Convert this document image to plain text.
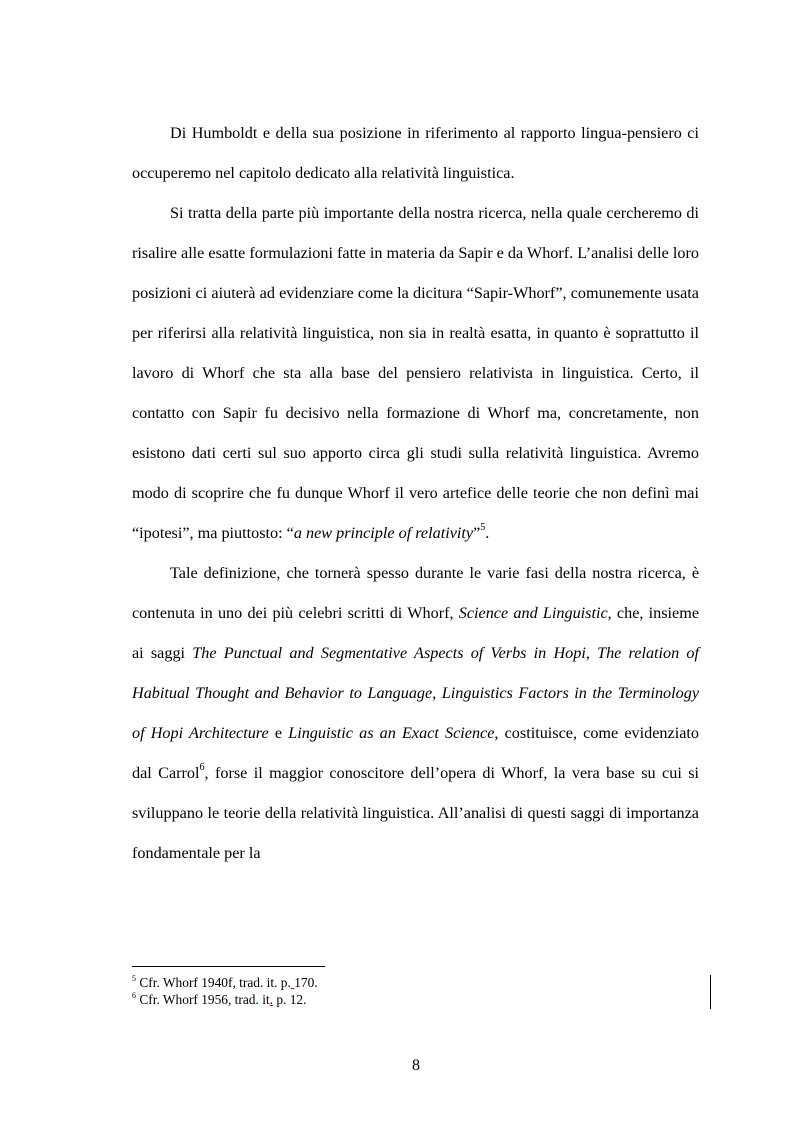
Di Humboldt e della sua posizione in riferimento al rapporto lingua-pensiero ci occuperemo nel capitolo dedicato alla relatività linguistica.

Si tratta della parte più importante della nostra ricerca, nella quale cercheremo di risalire alle esatte formulazioni fatte in materia da Sapir e da Whorf. L’analisi delle loro posizioni ci aiuterà ad evidenziare come la dicitura “Sapir-Whorf”, comunemente usata per riferirsi alla relatività linguistica, non sia in realtà esatta, in quanto è soprattutto il lavoro di Whorf che sta alla base del pensiero relativista in linguistica. Certo, il contatto con Sapir fu decisivo nella formazione di Whorf ma, concretamente, non esistono dati certi sul suo apporto circa gli studi sulla relatività linguistica. Avremo modo di scoprire che fu dunque Whorf il vero artefice delle teorie che non definì mai “ipotesi”, ma piuttosto: “a new principle of relativity”$^5$.

Tale definizione, che tornerà spesso durante le varie fasi della nostra ricerca, è contenuta in uno dei più celebri scritti di Whorf, Science and Linguistic, che, insieme ai saggi The Punctual and Segmentative Aspects of Verbs in Hopi, The relation of Habitual Thought and Behavior to Language, Linguistics Factors in the Terminology of Hopi Architecture e Linguistic as an Exact Science, costituisce, come evidenziato dal Carrol$^6$, forse il maggior conoscitore dell’opera di Whorf, la vera base su cui si sviluppano le teorie della relatività linguistica. All’analisi di questi saggi di importanza fondamentale per la

$^5$ Cfr. Whorf 1940f, trad. it. p. 170.
$^6$ Cfr. Whorf 1956, trad. it. p. 12.
8
